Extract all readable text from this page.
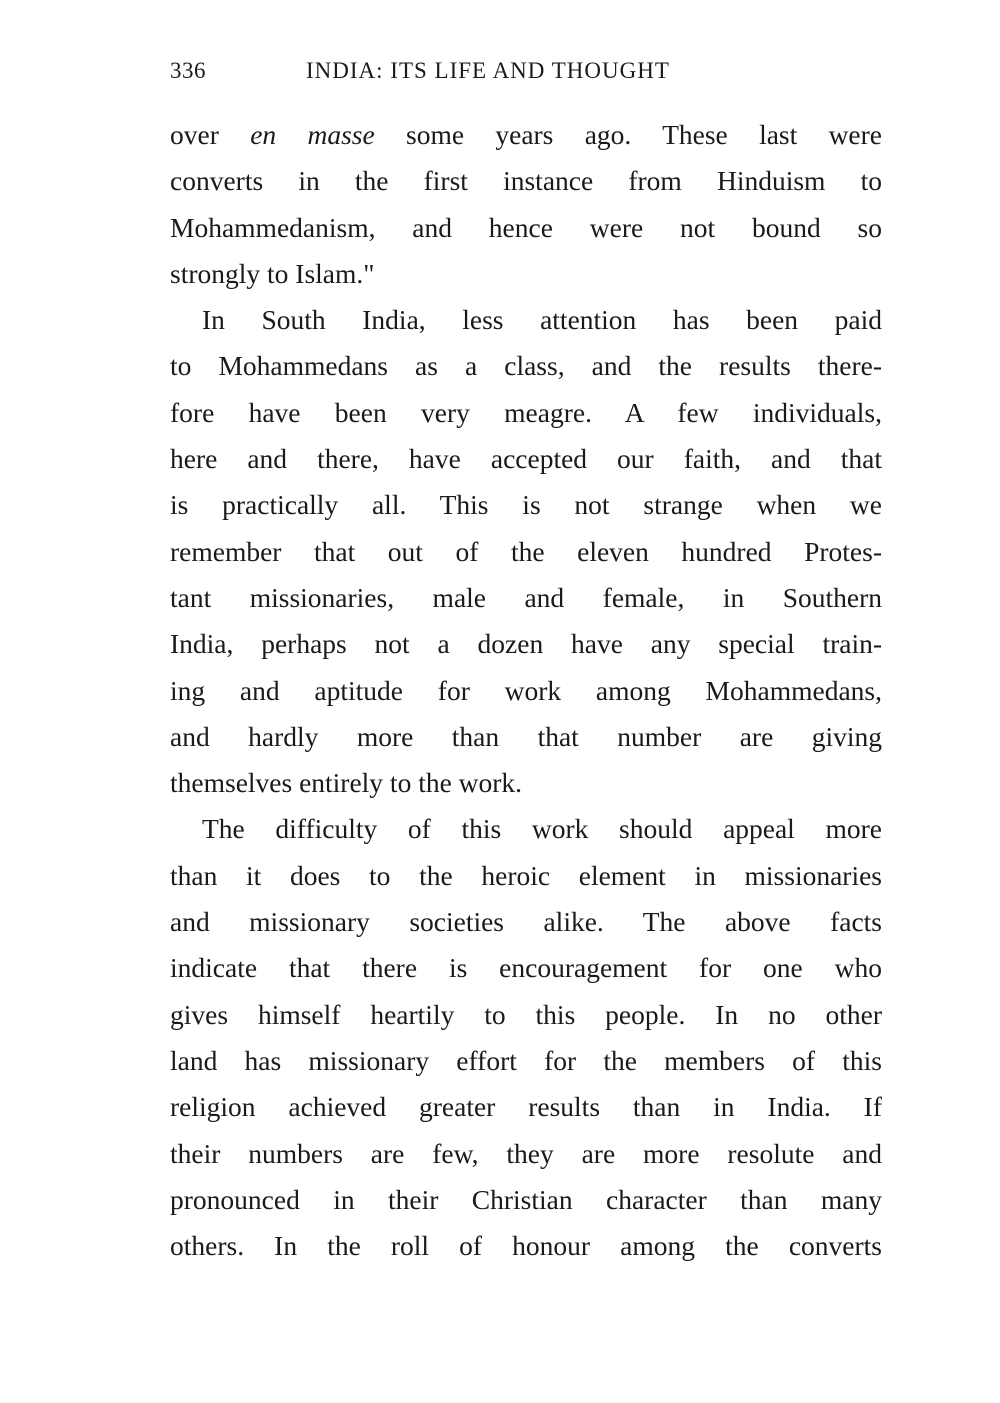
336	INDIA: ITS LIFE AND THOUGHT
over en masse some years ago. These last were
converts in the first instance from Hinduism to
Mohammedanism, and hence were not bound so
strongly to Islam."
In South India, less attention has been paid
to Mohammedans as a class, and the results there-
fore have been very meagre. A few individuals,
here and there, have accepted our faith, and that
is practically all. This is not strange when we
remember that out of the eleven hundred Protes-
tant missionaries, male and female, in Southern
India, perhaps not a dozen have any special train-
ing and aptitude for work among Mohammedans,
and hardly more than that number are giving
themselves entirely to the work.
The difficulty of this work should appeal more
than it does to the heroic element in missionaries
and missionary societies alike. The above facts
indicate that there is encouragement for one who
gives himself heartily to this people. In no other
land has missionary effort for the members of this
religion achieved greater results than in India. If
their numbers are few, they are more resolute and
pronounced in their Christian character than many
others. In the roll of honour among the converts
